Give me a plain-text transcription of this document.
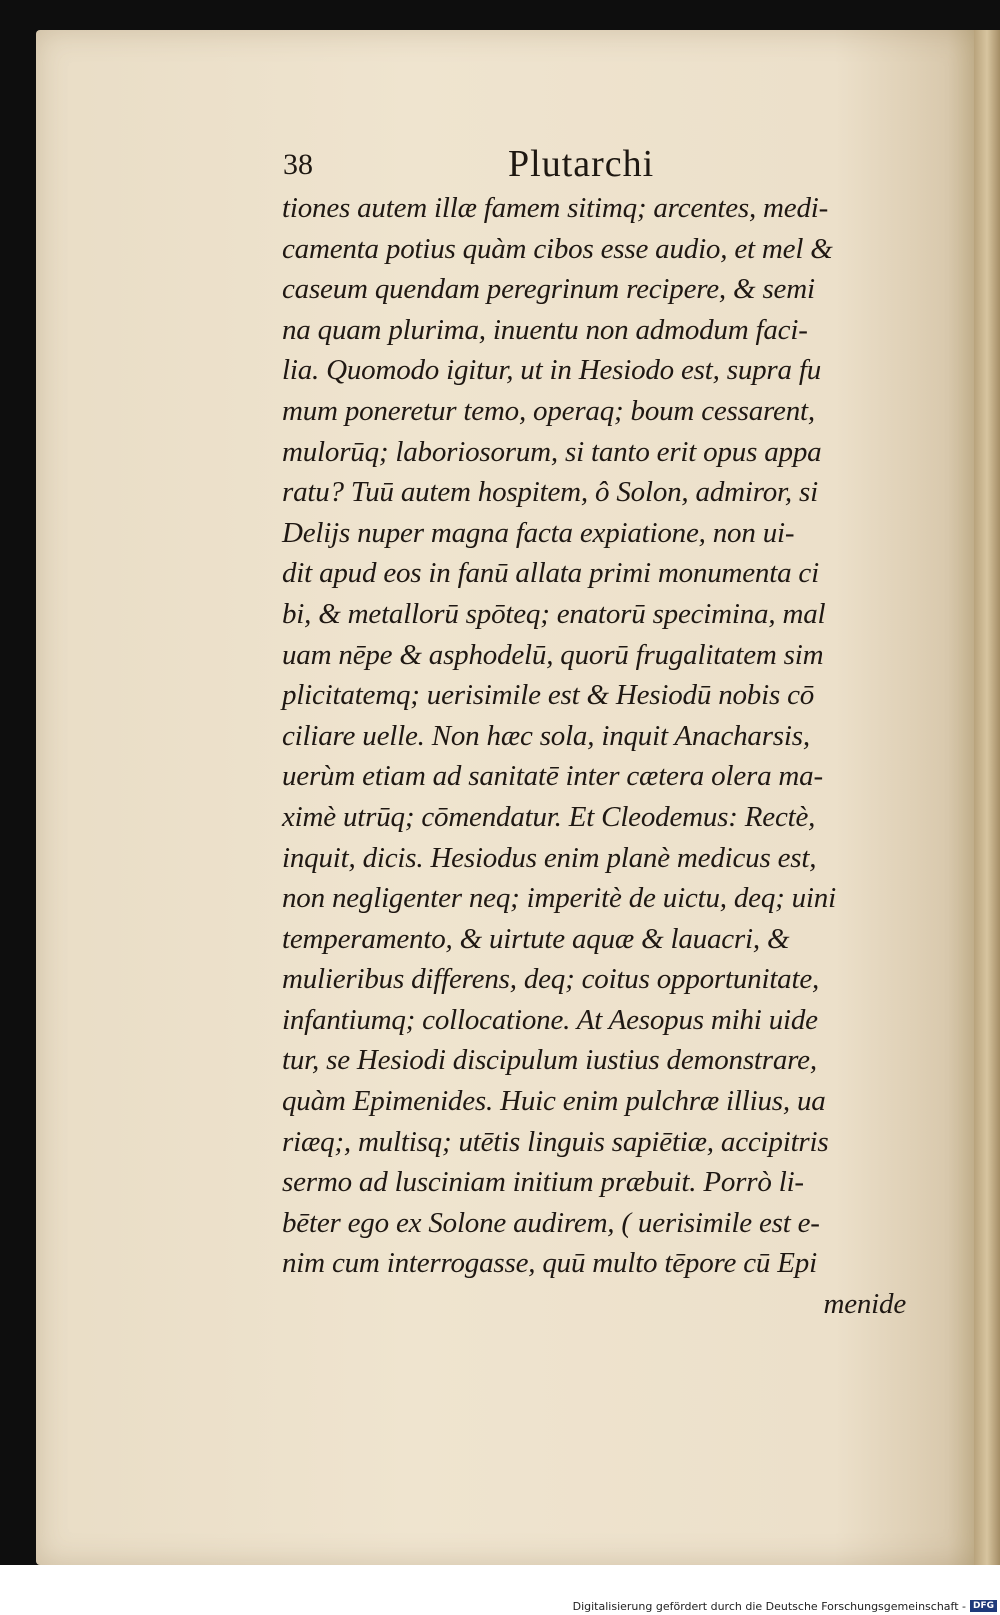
38	Plutarchi
tiones autem illæ famem sitimq; arcentes, medi-
camenta potius quàm cibos esse audio, et mel &
caseum quendam peregrinum recipere, & semi
na quam plurima, inuentu non admodum faci-
lia. Quomodo igitur, ut in Hesiodo est, supra fu
mum poneretur temo, operaq; boum cessarent,
mulorūq; laboriosorum, si tanto erit opus appa
ratu? Tuū autem hospitem, ô Solon, admiror, si
Delijs nuper magna facta expiatione, non ui-
dit apud eos in fanū allata primi monumenta ci
bi, & metallorū spōteq; enatorū specimina, mal
uam nēpe & asphodelū, quorū frugalitatem sim
plicitatemq; uerisimile est & Hesiodū nobis cō
ciliare uelle. Non hæc sola, inquit Anacharsis,
uerùm etiam ad sanitatē inter cætera olera ma-
ximè utrūq; cōmendatur. Et Cleodemus: Rectè,
inquit, dicis. Hesiodus enim planè medicus est,
non negligenter neq; imperitè de uictu, deq; uini
temperamento, & uirtute aquæ & lauacri, &
mulieribus differens, deq; coitus opportunitate,
infantiumq; collocatione. At Aesopus mihi uide
tur, se Hesiodi discipulum iustius demonstrare,
quàm Epimenides. Huic enim pulchræ illius, ua
riæq;, multisq; utētis linguis sapiētiæ, accipitris
sermo ad lusciniam initium præbuit. Porrò li-
bēter ego ex Solone audirem, ( uerisimile est e-
nim cum interrogasse, quū multo tēpore cū Epi
menide
Digitalisierung gefördert durch die Deutsche Forschungsgemeinschaft - DFG
